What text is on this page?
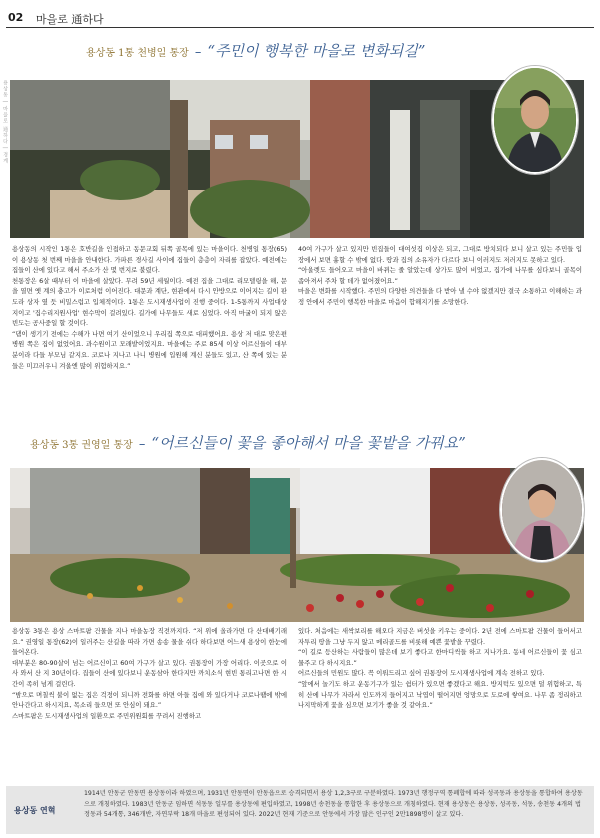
02 마을로 通하다
용상동 | 마을로 通하다 | 경계
용상동 1통 천병일 통장 – “주민이 행복한 마을로 변화되길”

용상동의 시작인 1통은 호반길을 인접하고 동문교회 뒤쪽 골목에 있는 마을이다. 천병일 통장(65)이 용상동 첫 번째 마을을 안내한다. 가파른 경사길 사이에 집들이 층층이 자리를 잡았다. 예전에는 집들이 산에 있다고 해서 주소가 산 몇 번지로 불렸다.

천통장은 6살 때부터 이 마을에 살았다. 무려 59년 세월이다. 예전 집을 그대로 리모델링을 해, 문을 열면 옛 계의 충고가 이로처럼 이어진다. 대문과 계단, 현관에서 다시 안방으로 이어지는 길이 판도라 상자 옆 듯 비밀스럽고 입체적이다. 1통은 도시재생사업이 진행 중이다. 1-5통까지 사업대상지이고 '집수리지원사업' 현수막이 걸려있다. 길가에 나무들도 새로 심었다. 아직 마굴이 되지 않은 빈도는 공사중일 할 것이다.

“댐이 생기기 전에는 수해가 나면 여기 산이었으니 우리집 쪽으로 대피했어요. 용상 저 대로 맞은편 병원 쪽은 집이 없었어요. 과수원이고 모래밭이었지요. 마을에는 주로 85세 이상 어르신들이 대부분이라 다들 부모님 같지요. 코로나 지나고 나니 병원에 입원해 계신 분들도 있고, 산 쪽에 있는 분들은 미끄러우니 겨울엔 많이 위험하지요.”

40여 가구가 살고 있지만 빈집들이 대여섯집 이상은 되고, 그대로 방치되다 보니 살고 있는 주민들 입장에서 보면 흉할 수 밖에 없다. 땅과 집의 소유자가 다르다 보니 이러지도 저러지도 못하고 있다.

“아울렛도 들어오고 마을이 바뀌는 줄 알았는데 상가도 많이 비었고, 집가에 나무를 심다보니 골목이 좁아져서 주차 할 데가 없어졌어요.”

마을은 변화를 시작했다. 주민의 다양한 의견들을 다 받아 낼 수야 없겠지만 결국 소통하고 이해하는 과정 안에서 주민이 행복한 마을로 마음이 합해지기를 소망한다.

용상동 3통 권영일 통장 – “어르신들이 꽃을 좋아해서 마을 꽃밭을 가꿔요”

용상동 3통은 용상 스마트팜 건물을 지나 마을농장 직전까지다. “저 위에 올라가면 다 산대배기래요.” 권영일 통장(62)이 일러주는 산길을 따라 가면 송송 물을 쉬다 하다보면 어느새 용상이 한눈에 들어온다.

대부분은 80-90살이 넘는 어르신이고 60여 가구가 살고 있다. 권통장이 가장 어리다. 이곳으로 이사 와서 산 지 30년이다. 집들이 산에 있다보니 운동삼아 한다지만 까치소식 현빈 통리고나면 한 시간이 족히 넘게 걸린다.

“밤으로 며칠씩 불이 없는 집은 걱정이 되니까 전화를 하면 아들 집에 와 있다거나 코로나땜에 밖에 안나간다고 하시지요, 목소리 들으면 또 안심이 돼요.”

스마트팜은 도시재생사업의 일환으로 주민위원회를 꾸려서 진행하고

있다. 처음에는 새싹보리를 해오다 지금은 버섯을 키우는 중이다. 2년 전에 스마트팜 건물이 들어서고 자투리 땅을 그냥 두지 않고 메리골드를 비롯해 예쁜 꽃밭을 꾸렸다.

“이 길로 등산하는 사람들이 많은데 보기 좋다고 한마디씩들 하고 지나가요. 동네 어르신들이 꽃 심고 물주고 다 하시지요.”

어르신들의 민원도 많다. 꼭 이뤄드리고 싶어 권통장이 도시재생사업에 계속 전하고 있다.

“앞에서 놀기도 하고 운동기구가 있는 쉼터가 있으면 좋겠다고 해요. 방지턱도 있으면 덜 위험하고, 특히 산에 나무가 자라서 인도까지 들어지고 낙엽이 떨어지면 엉망으로 도로에 쌓여요. 나무 좀 정리하고 나지막하게 꽃을 심으면 보기가 좋을 것 같아요.”

용상동 연혁
1914년 안동군 안동면 용상동이라 하였으며, 1931년 안동면이 안동읍으로 승격되면서 용상 1,2,3구로 구분하였다. 1973년 행정구역 통폐합에 따라 성곡동과 용상동을 통합하여 용상동으로 개칭하였다. 1983년 안동군 임하면 석동동 일부를 용상동에 편입하였고, 1998년 송천동을 통합한 후 용상동으로 개칭하였다. 현재 용상동은 용상동, 성곡동, 석동, 송천동 4개의 법정동과 54개통, 346개반, 자연부락 18개 마을로 편성되어 있다. 2022년 현재 기준으로 안동에서 가장 많은 인구인 2만1898명이 살고 있다.
